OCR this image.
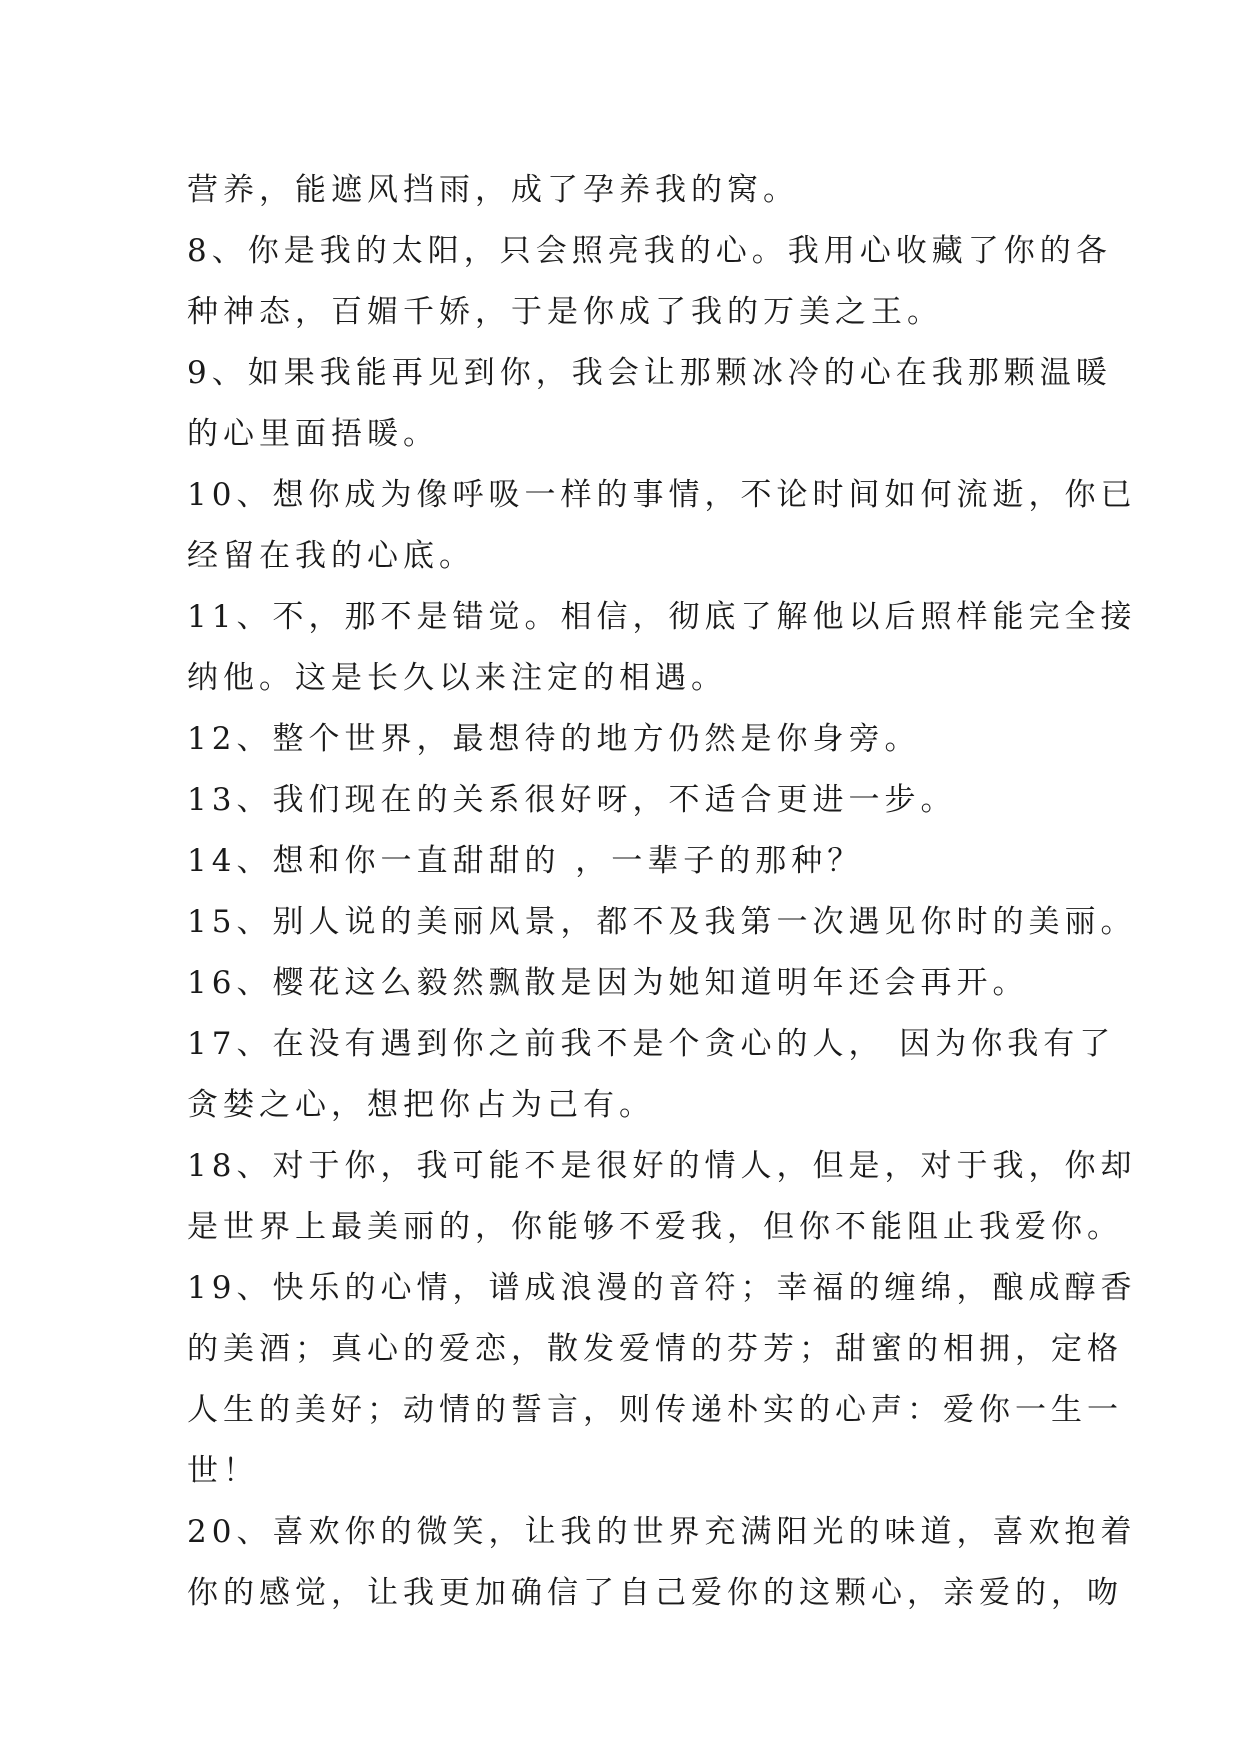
营养，能遮风挡雨，成了孕养我的窝。
8、你是我的太阳，只会照亮我的心。我用心收藏了你的各
种神态，百媚千娇，于是你成了我的万美之王。
9、如果我能再见到你，我会让那颗冰冷的心在我那颗温暖
的心里面捂暖。
10、想你成为像呼吸一样的事情，不论时间如何流逝，你已
经留在我的心底。
11、不，那不是错觉。相信，彻底了解他以后照样能完全接
纳他。这是长久以来注定的相遇。
12、整个世界，最想待的地方仍然是你身旁。
13、我们现在的关系很好呀，不适合更进一步。
14、想和你一直甜甜的 ，一辈子的那种？
15、别人说的美丽风景，都不及我第一次遇见你时的美丽。
16、樱花这么毅然飘散是因为她知道明年还会再开。
17、在没有遇到你之前我不是个贪心的人， 因为你我有了
贪婪之心，想把你占为己有。
18、对于你，我可能不是很好的情人，但是，对于我，你却
是世界上最美丽的，你能够不爱我，但你不能阻止我爱你。
19、快乐的心情，谱成浪漫的音符；幸福的缠绵，酿成醇香
的美酒；真心的爱恋，散发爱情的芬芳；甜蜜的相拥，定格
人生的美好；动情的誓言，则传递朴实的心声：爱你一生一
世！
20、喜欢你的微笑，让我的世界充满阳光的味道，喜欢抱着
你的感觉，让我更加确信了自己爱你的这颗心，亲爱的，吻
